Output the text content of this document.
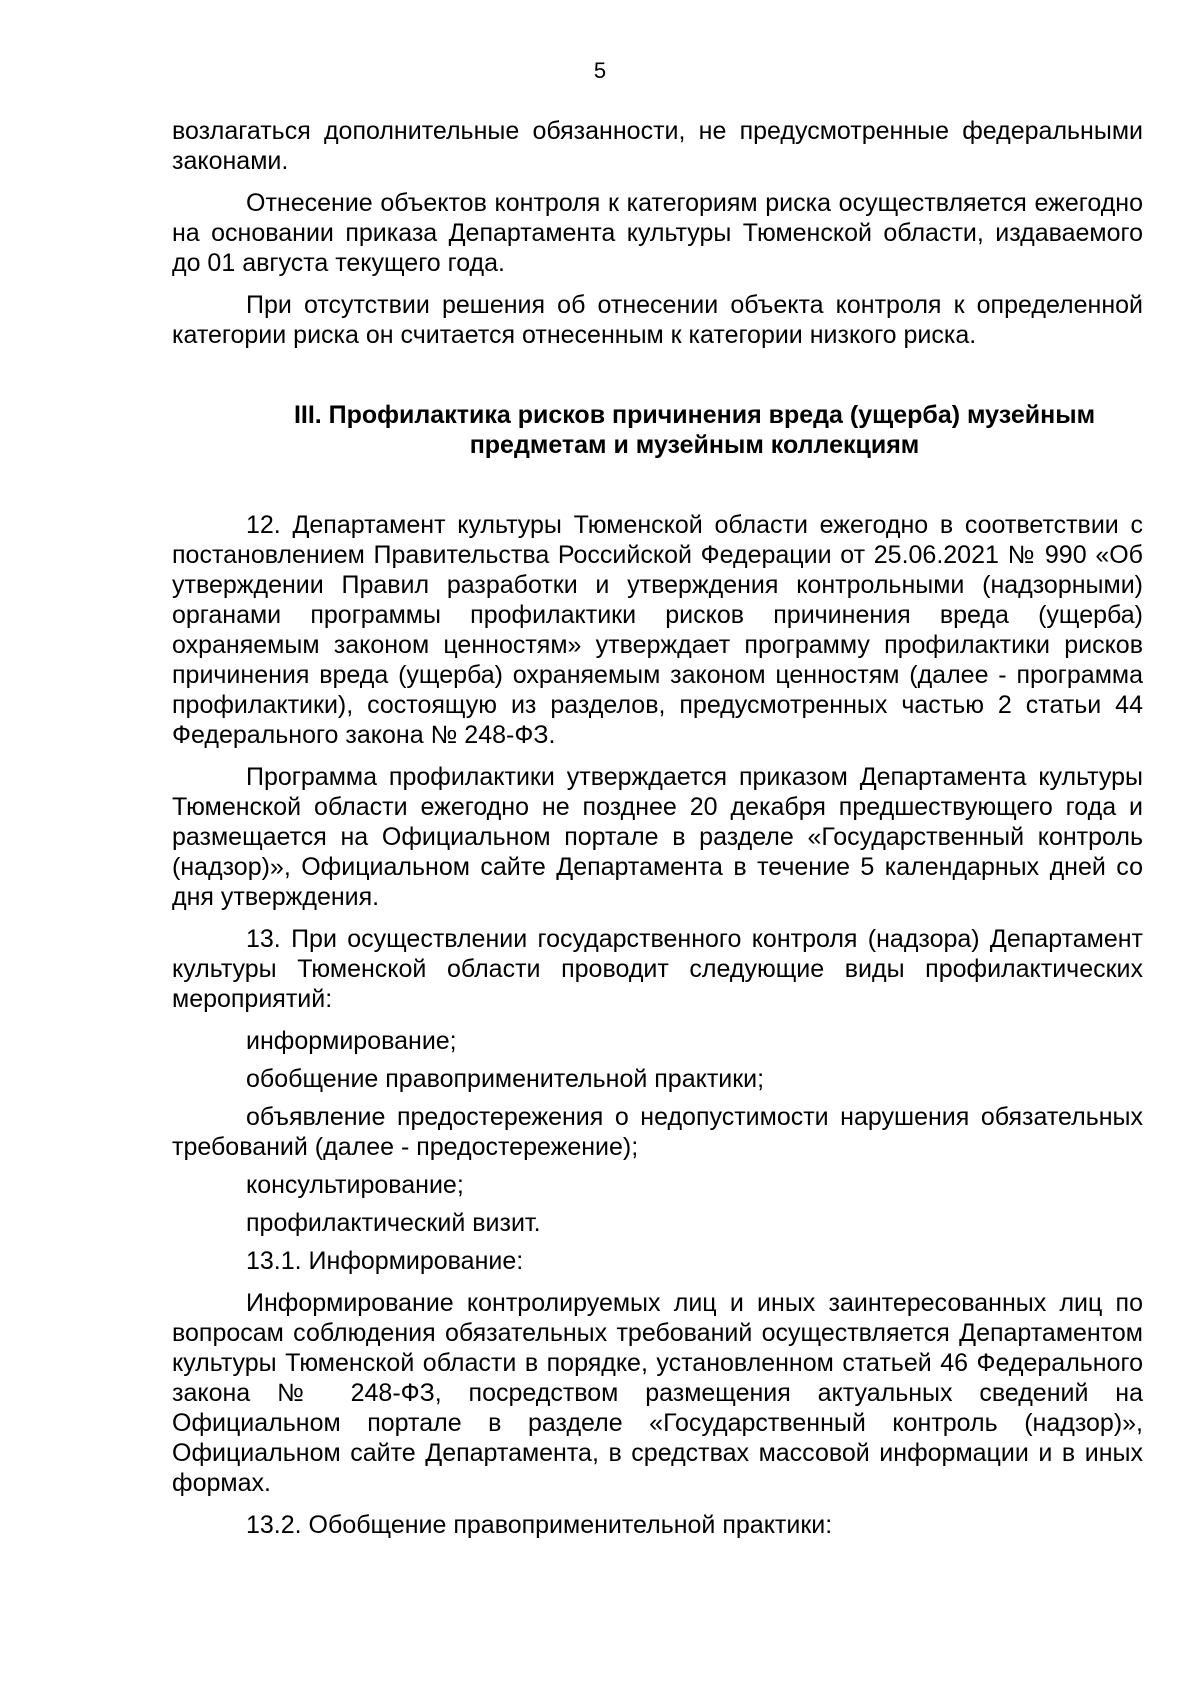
5

возлагаться дополнительные обязанности, не предусмотренные федеральными законами.

Отнесение объектов контроля к категориям риска осуществляется ежегодно на основании приказа Департамента культуры Тюменской области, издаваемого до 01 августа текущего года.

При отсутствии решения об отнесении объекта контроля к определенной категории риска он считается отнесенным к категории низкого риска.

III. Профилактика рисков причинения вреда (ущерба) музейным
предметам и музейным коллекциям

12. Департамент культуры Тюменской области ежегодно в соответствии с постановлением Правительства Российской Федерации от 25.06.2021 № 990 «Об утверждении Правил разработки и утверждения контрольными (надзорными) органами программы профилактики рисков причинения вреда (ущерба) охраняемым законом ценностям» утверждает программу профилактики рисков причинения вреда (ущерба) охраняемым законом ценностям (далее - программа профилактики), состоящую из разделов, предусмотренных частью 2 статьи 44 Федерального закона № 248-ФЗ.

Программа профилактики утверждается приказом Департамента культуры Тюменской области ежегодно не позднее 20 декабря предшествующего года и размещается на Официальном портале в разделе «Государственный контроль (надзор)», Официальном сайте Департамента в течение 5 календарных дней со дня утверждения.

13. При осуществлении государственного контроля (надзора) Департамент культуры Тюменской области проводит следующие виды профилактических мероприятий:

информирование;

обобщение правоприменительной практики;

объявление предостережения о недопустимости нарушения обязательных требований (далее - предостережение);

консультирование;

профилактический визит.

13.1. Информирование:

Информирование контролируемых лиц и иных заинтересованных лиц по вопросам соблюдения обязательных требований осуществляется Департаментом культуры Тюменской области в порядке, установленном статьей 46 Федерального закона № 248-ФЗ, посредством размещения актуальных сведений на Официальном портале в разделе «Государственный контроль (надзор)», Официальном сайте Департамента, в средствах массовой информации и в иных формах.

13.2. Обобщение правоприменительной практики:
